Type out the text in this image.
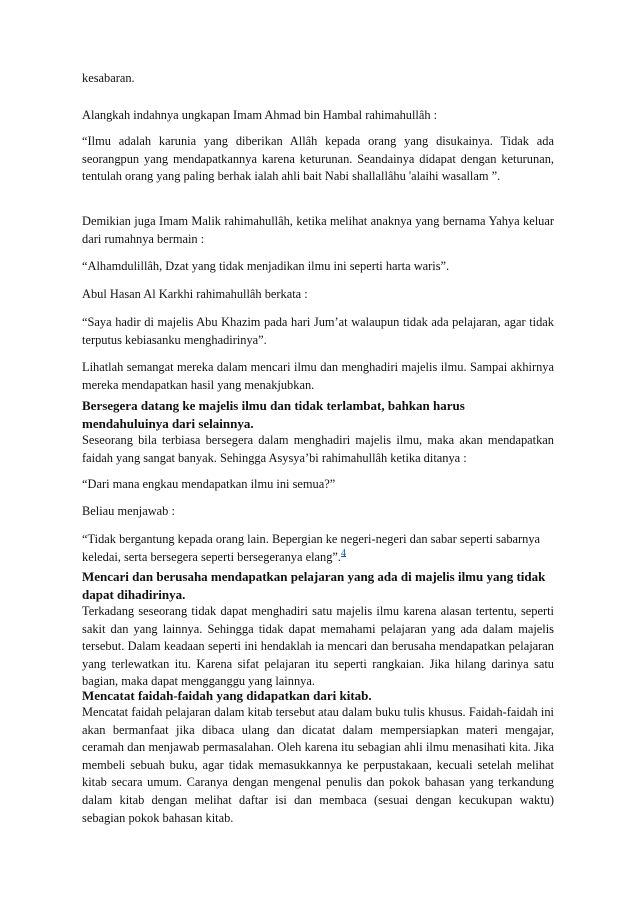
kesabaran.

Alangkah indahnya ungkapan Imam Ahmad bin Hambal rahimahullâh :

“Ilmu adalah karunia yang diberikan Allâh kepada orang yang disukainya. Tidak ada seorangpun yang mendapatkannya karena keturunan. Seandainya didapat dengan keturunan, tentulah orang yang paling berhak ialah ahli bait Nabi shallallâhu 'alaihi wasallam ”.

Demikian juga Imam Malik rahimahullâh, ketika melihat anaknya yang bernama Yahya keluar dari rumahnya bermain :

“Alhamdulillâh, Dzat yang tidak menjadikan ilmu ini seperti harta waris”.

Abul Hasan Al Karkhi rahimahullâh berkata :

“Saya hadir di majelis Abu Khazim pada hari Jum’at walaupun tidak ada pelajaran, agar tidak terputus kebiasanku menghadirinya”.

Lihatlah semangat mereka dalam mencari ilmu dan menghadiri majelis ilmu. Sampai akhirnya mereka mendapatkan hasil yang menakjubkan.

Bersegera datang ke majelis ilmu dan tidak terlambat, bahkan harus mendahuluinya dari selainnya.

Seseorang bila terbiasa bersegera dalam menghadiri majelis ilmu, maka akan mendapatkan faidah yang sangat banyak. Sehingga Asysya’bi rahimahullâh ketika ditanya :

“Dari mana engkau mendapatkan ilmu ini semua?”

Beliau menjawab :

“Tidak bergantung kepada orang lain. Bepergian ke negeri-negeri dan sabar seperti sabarnya keledai, serta bersegera seperti bersegeranya elang”.$^4$

Mencari dan berusaha mendapatkan pelajaran yang ada di majelis ilmu yang tidak dapat dihadirinya.

Terkadang seseorang tidak dapat menghadiri satu majelis ilmu karena alasan tertentu, seperti sakit dan yang lainnya. Sehingga tidak dapat memahami pelajaran yang ada dalam majelis tersebut. Dalam keadaan seperti ini hendaklah ia mencari dan berusaha mendapatkan pelajaran yang terlewatkan itu. Karena sifat pelajaran itu seperti rangkaian. Jika hilang darinya satu bagian, maka dapat mengganggu yang lainnya.

Mencatat faidah-faidah yang didapatkan dari kitab.

Mencatat faidah pelajaran dalam kitab tersebut atau dalam buku tulis khusus. Faidah-faidah ini akan bermanfaat jika dibaca ulang dan dicatat dalam mempersiapkan materi mengajar, ceramah dan menjawab permasalahan. Oleh karena itu sebagian ahli ilmu menasihati kita. Jika membeli sebuah buku, agar tidak memasukkannya ke perpustakaan, kecuali setelah melihat kitab secara umum. Caranya dengan mengenal penulis dan pokok bahasan yang terkandung dalam kitab dengan melihat daftar isi dan membaca (sesuai dengan kecukupan waktu) sebagian pokok bahasan kitab.
